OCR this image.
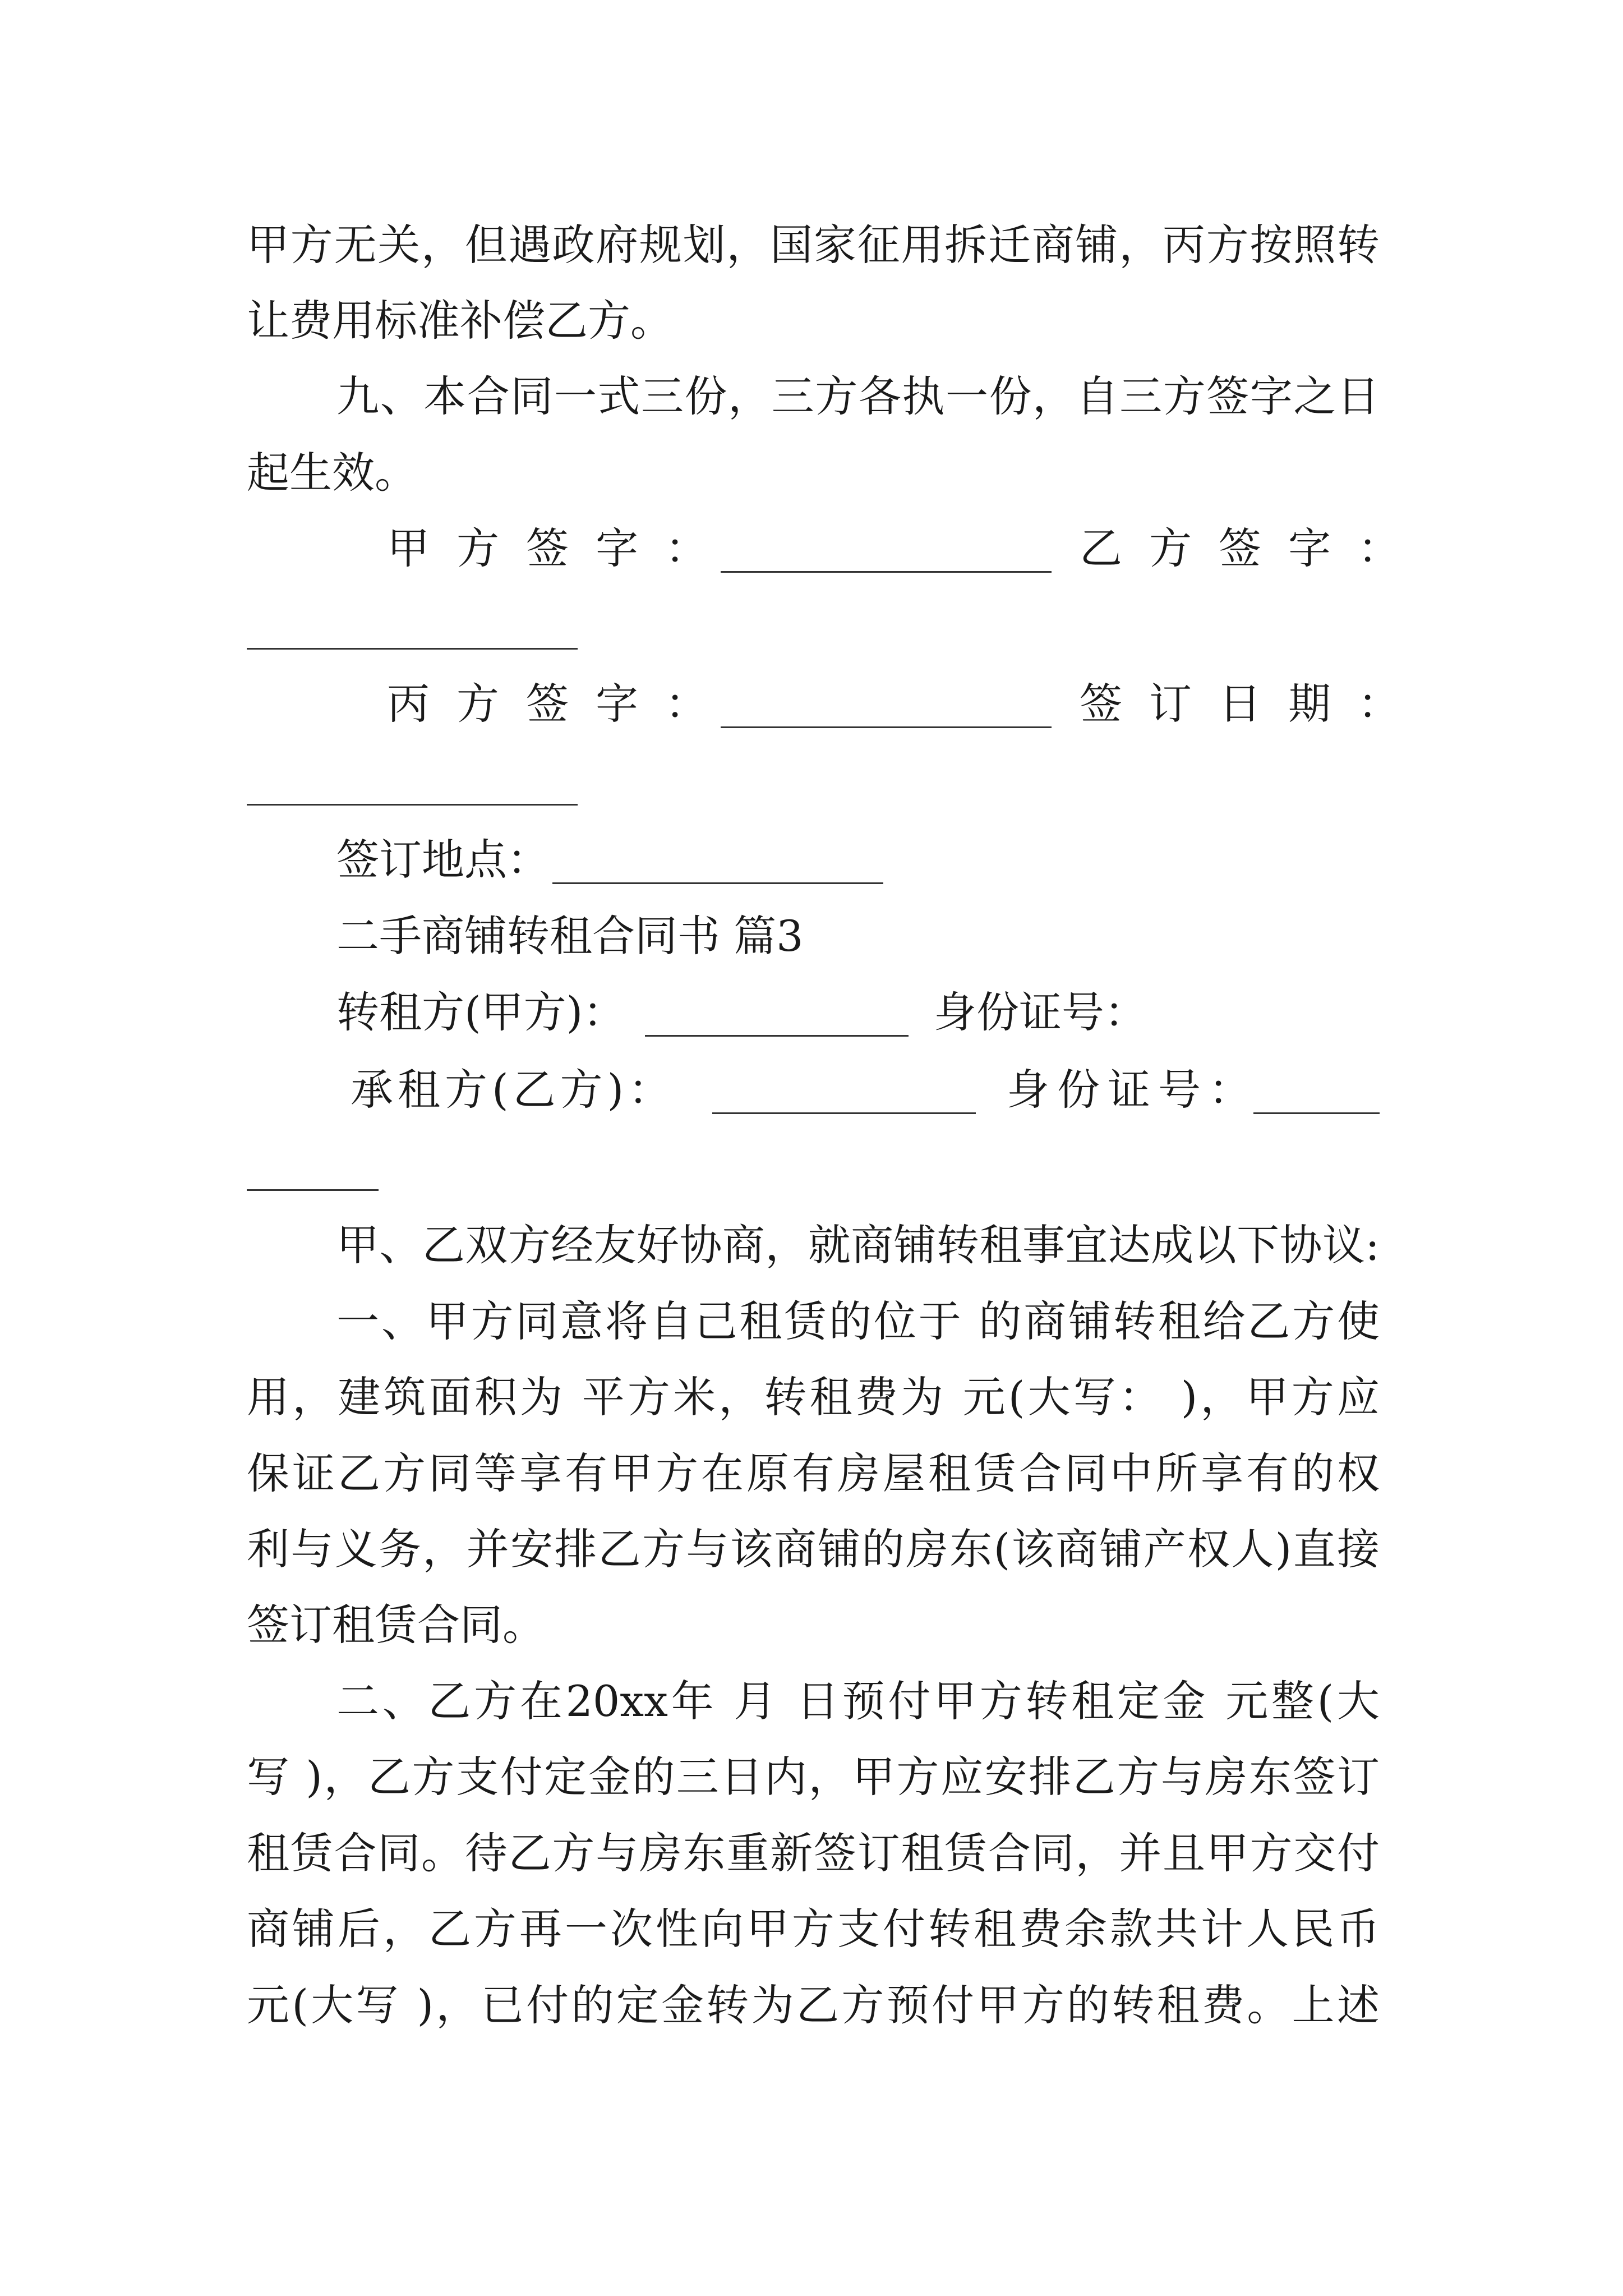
甲方无关，但遇政府规划，国家征用拆迁商铺，丙方按照转
让费用标准补偿乙方。
九、本合同一式三份，三方各执一份，自三方签字之日
起生效。
甲方签字：	乙方签字：
丙方签字：	签订日期：
签订地点：
二手商铺转租合同书 篇3
转租方(甲方)：	身份证号：
承租方(乙方)：	身份证号：
甲、乙双方经友好协商，就商铺转租事宜达成以下协议:
一、甲方同意将自己租赁的位于 的商铺转租给乙方使
用，建筑面积为 平方米，转租费为 元(大写： )，甲方应
保证乙方同等享有甲方在原有房屋租赁合同中所享有的权
利与义务，并安排乙方与该商铺的房东(该商铺产权人)直接
签订租赁合同。
二、乙方在20xx年 月 日预付甲方转租定金 元整(大
写 )，乙方支付定金的三日内，甲方应安排乙方与房东签订
租赁合同。待乙方与房东重新签订租赁合同，并且甲方交付
商铺后，乙方再一次性向甲方支付转租费余款共计人民币
元(大写 )，已付的定金转为乙方预付甲方的转租费。上述
